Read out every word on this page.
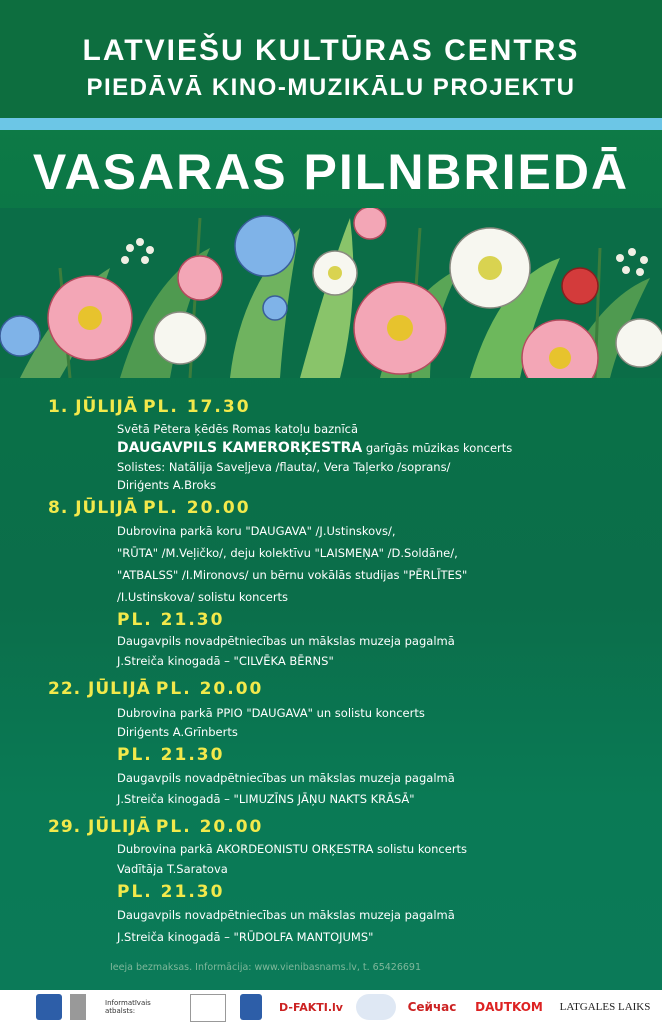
LATVIEŠU KULTŪRAS CENTRS
PIEDĀVĀ KINO-MUZIKĀLU PROJEKTU
VASARAS PILNBRIEDĀ
1. JŪLIJĀ PL. 17.30
Svētā Pētera ķēdēs Romas katoļu baznīcā
DAUGAVPILS KAMERORĶESTRA garīgās mūzikas koncerts
Solistes: Natālija Saveļjeva /flauta/, Vera Taļerko /soprans/
Diriģents A.Broks
8. JŪLIJĀ PL. 20.00
Dubrovina parkā koru "DAUGAVA" /J.Ustinskovs/,
"RŪTA" /M.Veļičko/, deju kolektīvu "LAISMEŅA" /D.Soldāne/,
"ATBALSS" /I.Mironovs/ un bērnu vokālās studijas "PĒRLĪTES"
/I.Ustinskova/ solistu koncerts
PL. 21.30
Daugavpils novadpētniecības un mākslas muzeja pagalmā
J.Streiča kinogadā – "CILVĒKA BĒRNS"
22. JŪLIJĀ PL. 20.00
Dubrovina parkā PPIO "DAUGAVA" un solistu koncerts
Diriģents A.Grīnberts
PL. 21.30
Daugavpils novadpētniecības un mākslas muzeja pagalmā
J.Streiča kinogadā – "LIMUZĪNS JĀŅU NAKTS KRĀSĀ"
29. JŪLIJĀ PL. 20.00
Dubrovina parkā AKORDEONISTU ORĶESTRA solistu koncerts
Vadītāja T.Saratova
PL. 21.30
Daugavpils novadpētniecības un mākslas muzeja pagalmā
J.Streiča kinogadā – "RŪDOLFA MANTOJUMS"
Ieeja bezmaksas. Informācija: www.vienibasnams.lv, t. 65426691
Informatīvais atbalsts:	D-FAKTI.lv	Сейчас	DAUTKOM	LATGALES LAIKS
